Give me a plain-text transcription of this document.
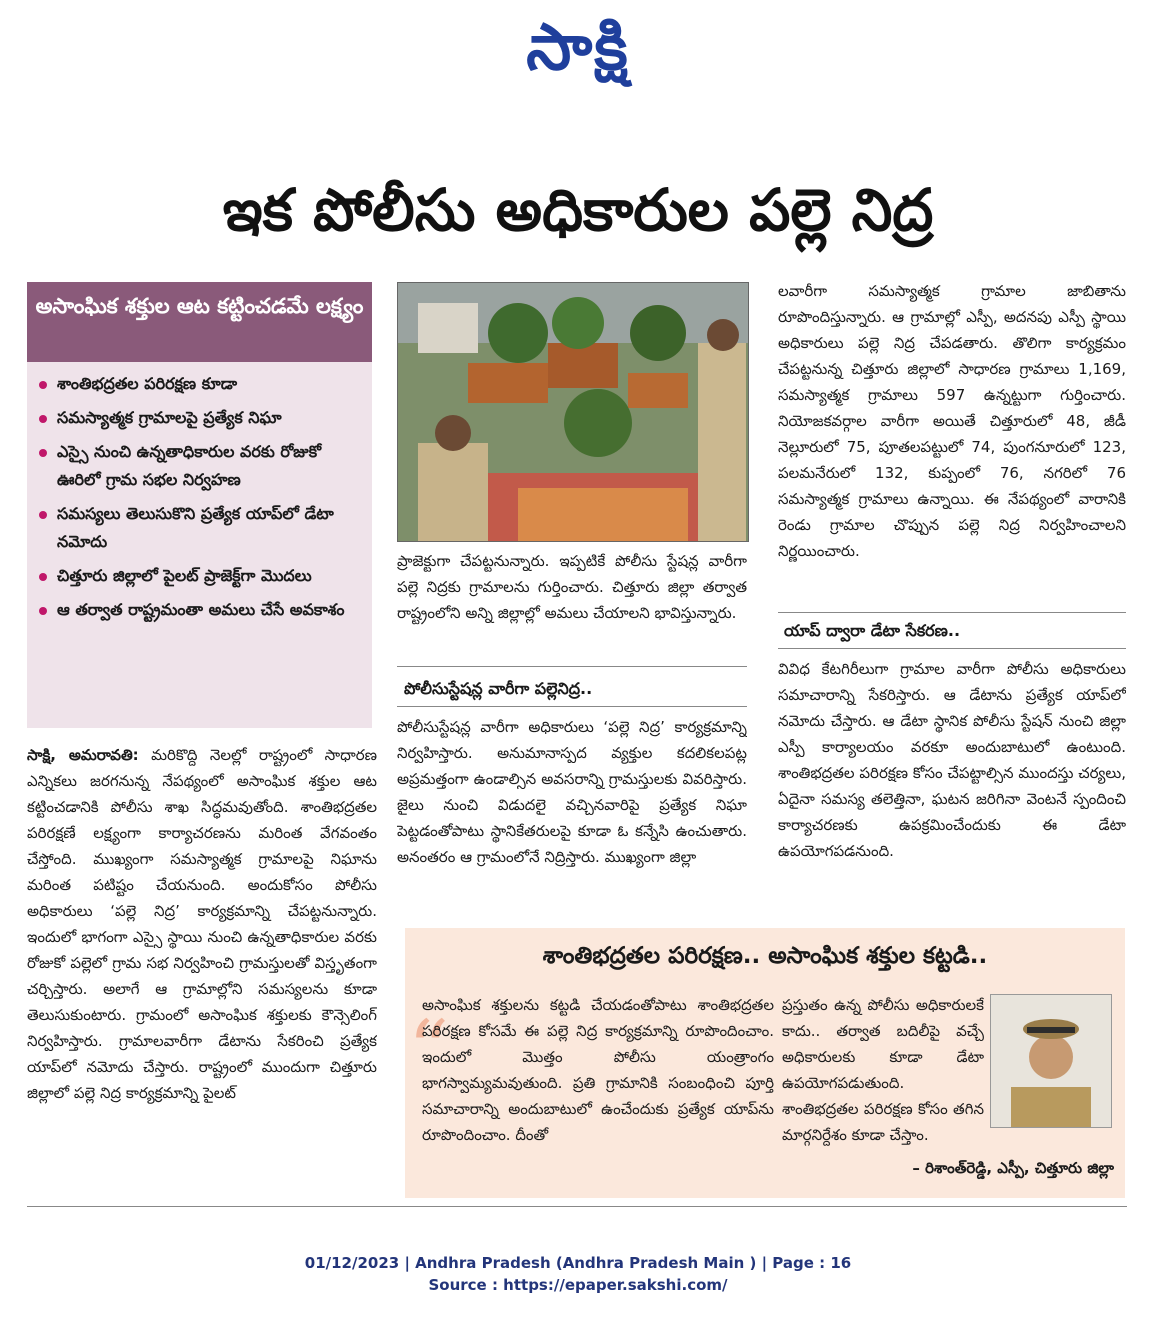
సాక్షి
ఇక పోలీసు అధికారుల పల్లె నిద్ర
అసాంఘిక శక్తుల ఆట కట్టించడమే లక్ష్యం
శాంతిభద్రతల పరిరక్షణ కూడా
సమస్యాత్మక గ్రామాలపై ప్రత్యేక నిఘా
ఎస్సై నుంచి ఉన్నతాధికారుల వరకు రోజుకో ఊరిలో గ్రామ సభల నిర్వహణ
సమస్యలు తెలుసుకొని ప్రత్యేక యాప్‌లో డేటా నమోదు
చిత్తూరు జిల్లాలో పైలట్ ప్రాజెక్ట్‌గా మొదలు
ఆ తర్వాత రాష్ట్రమంతా అమలు చేసే అవకాశం

సాక్షి, అమరావతి: మరికొద్ది నెలల్లో రాష్ట్రంలో సాధారణ ఎన్నికలు జరగనున్న నేపథ్యంలో అసాంఘిక శక్తుల ఆట కట్టించడానికి పోలీసు శాఖ సిద్ధమవుతోంది. శాంతిభద్రతల పరిరక్షణే లక్ష్యంగా కార్యాచరణను మరింత వేగవంతం చేస్తోంది. ముఖ్యంగా సమస్యాత్మక గ్రామాలపై నిఘాను మరింత పటిష్టం చేయనుంది. అందుకోసం పోలీసు అధికారులు ‘పల్లె నిద్ర’ కార్యక్రమాన్ని చేపట్టనున్నారు. ఇందులో భాగంగా ఎస్సై స్థాయి నుంచి ఉన్నతాధికారుల వరకు రోజుకో పల్లెలో గ్రామ సభ నిర్వహించి గ్రామస్తులతో విస్తృతంగా చర్చిస్తారు. అలాగే ఆ గ్రామాల్లోని సమస్యలను కూడా తెలుసుకుంటారు. గ్రామంలో అసాంఘిక శక్తులకు కౌన్సెలింగ్ నిర్వహిస్తారు. గ్రామాలవారీగా డేటాను సేకరించి ప్రత్యేక యాప్‌లో నమోదు చేస్తారు. రాష్ట్రంలో ముందుగా చిత్తూరు జిల్లాలో పల్లె నిద్ర కార్యక్రమాన్ని పైలట్

ప్రాజెక్టుగా చేపట్టనున్నారు. ఇప్పటికే పోలీసు స్టేషన్ల వారీగా పల్లె నిద్రకు గ్రామాలను గుర్తించారు. చిత్తూరు జిల్లా తర్వాత రాష్ట్రంలోని అన్ని జిల్లాల్లో అమలు చేయాలని భావిస్తున్నారు.

పోలీసుస్టేషన్ల వారీగా పల్లెనిద్ర..

పోలీసుస్టేషన్ల వారీగా అధికారులు ‘పల్లె నిద్ర’ కార్యక్రమాన్ని నిర్వహిస్తారు. అనుమానాస్పద వ్యక్తుల కదలికలపట్ల అప్రమత్తంగా ఉండాల్సిన అవసరాన్ని గ్రామస్తులకు వివరిస్తారు. జైలు నుంచి విడుదలై వచ్చినవారిపై ప్రత్యేక నిఘా పెట్టడంతోపాటు స్థానికేతరులపై కూడా ఓ కన్నేసి ఉంచుతారు. అనంతరం ఆ గ్రామంలోనే నిద్రిస్తారు. ముఖ్యంగా జిల్లా

లవారీగా సమస్యాత్మక గ్రామాల జాబితాను రూపొందిస్తున్నారు. ఆ గ్రామాల్లో ఎస్పీ, అదనపు ఎస్పీ స్థాయి అధికారులు పల్లె నిద్ర చేపడతారు. తొలిగా కార్యక్రమం చేపట్టనున్న చిత్తూరు జిల్లాలో సాధారణ గ్రామాలు 1,169, సమస్యాత్మక గ్రామాలు 597 ఉన్నట్టుగా గుర్తించారు. నియోజకవర్గాల వారీగా అయితే చిత్తూరులో 48, జీడీ నెల్లూరులో 75, పూతలపట్టులో 74, పుంగనూరులో 123, పలమనేరులో 132, కుప్పంలో 76, నగరిలో 76 సమస్యాత్మక గ్రామాలు ఉన్నాయి. ఈ నేపథ్యంలో వారానికి రెండు గ్రామాల చొప్పున పల్లె నిద్ర నిర్వహించాలని నిర్ణయించారు.

యాప్ ద్వారా డేటా సేకరణ..

వివిధ కేటగిరీలుగా గ్రామాల వారీగా పోలీసు అధికారులు సమాచారాన్ని సేకరిస్తారు. ఆ డేటాను ప్రత్యేక యాప్‌లో నమోదు చేస్తారు. ఆ డేటా స్థానిక పోలీసు స్టేషన్ నుంచి జిల్లా ఎస్పీ కార్యాలయం వరకూ అందుబాటులో ఉంటుంది. శాంతిభద్రతల పరిరక్షణ కోసం చేపట్టాల్సిన ముందస్తు చర్యలు, ఏదైనా సమస్య తలెత్తినా, ఘటన జరిగినా వెంటనే స్పందించి కార్యాచరణకు ఉపక్రమించేందుకు ఈ డేటా ఉపయోగపడనుంది.

శాంతిభద్రతల పరిరక్షణ.. అసాంఘిక శక్తుల కట్టడి..
“

అసాంఘిక శక్తులను కట్టడి చేయడంతోపాటు శాంతిభద్రతల పరిరక్షణ కోసమే ఈ పల్లె నిద్ర కార్యక్రమాన్ని రూపొందించాం. ఇందులో మొత్తం పోలీసు యంత్రాంగం భాగస్వామ్యమవుతుంది. ప్రతి గ్రామానికి సంబంధించి పూర్తి సమాచారాన్ని అందుబాటులో ఉంచేందుకు ప్రత్యేక యాప్‌ను రూపొందించాం. దీంతో

ప్రస్తుతం ఉన్న పోలీసు అధికారులకే కాదు.. తర్వాత బదిలీపై వచ్చే అధికారులకు కూడా డేటా ఉపయోగపడుతుంది. శాంతిభద్రతల పరిరక్షణ కోసం తగిన మార్గనిర్దేశం కూడా చేస్తాం.

– రిశాంత్‌రెడ్డి, ఎస్పీ, చిత్తూరు జిల్లా
01/12/2023 | Andhra Pradesh (Andhra Pradesh Main ) | Page : 16
Source : https://epaper.sakshi.com/
